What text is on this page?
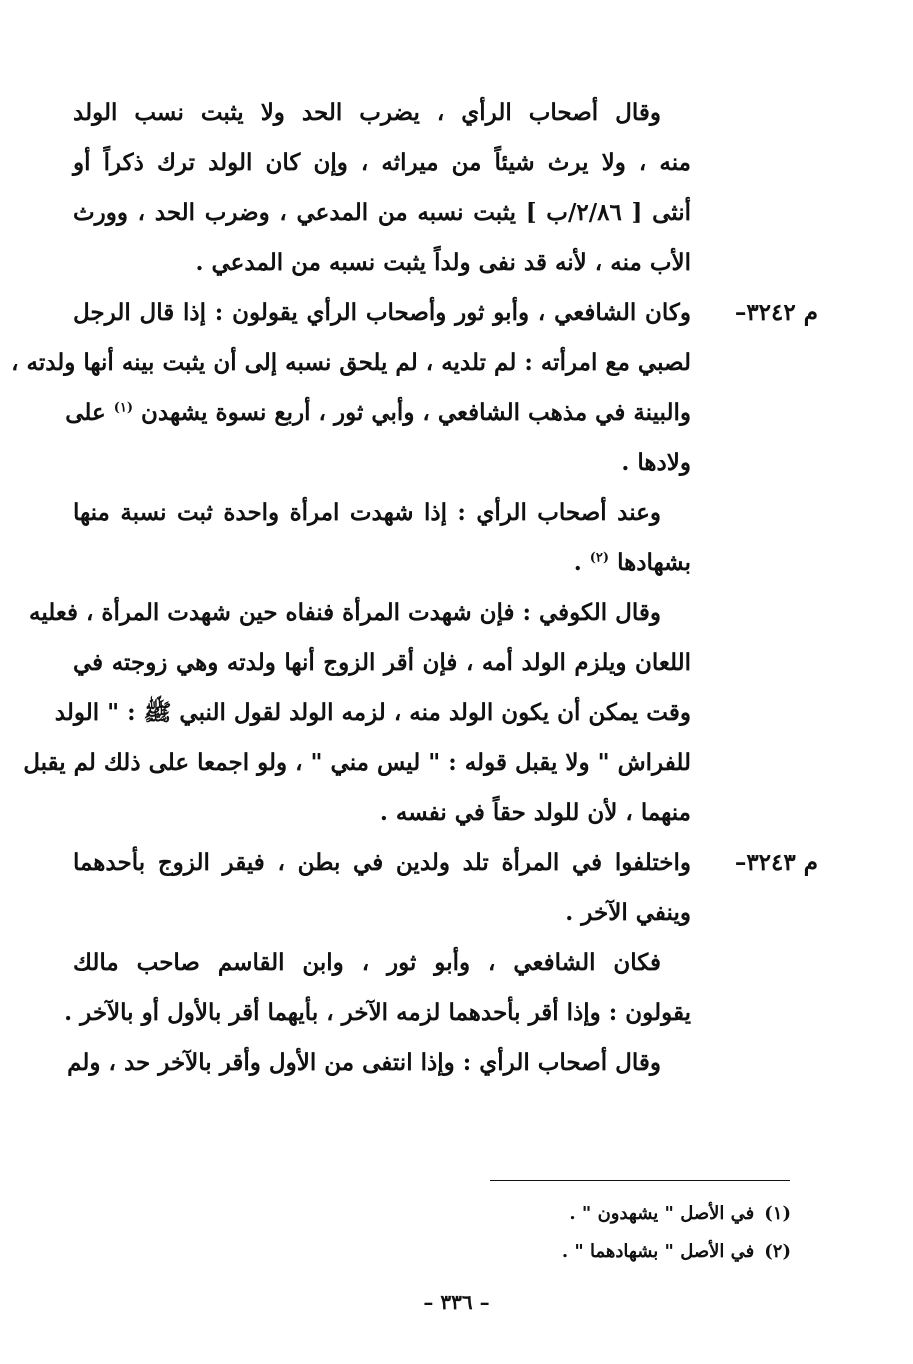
وقال أصحاب الرأي ، يضرب الحد ولا يثبت نسب الولد
منه ، ولا يرث شيئاً من ميراثه ، وإن كان الولد ترك ذكراً أو
أنثى [ ٢/٨٦/ب ] يثبت نسبه من المدعي ، وضرب الحد ، وورث
الأب منه ، لأنه قد نفى ولداً يثبت نسبه من المدعي .
م ٣٢٤٢–
وكان الشافعي ، وأبو ثور وأصحاب الرأي يقولون : إذا قال الرجل
لصبي مع امرأته : لم تلديه ، لم يلحق نسبه إلى أن يثبت بينه أنها ولدته ،
والبينة في مذهب الشافعي ، وأبي ثور ، أربع نسوة يشهدن $^{(١)}$ على
ولادها .
وعند أصحاب الرأي : إذا شهدت امرأة واحدة ثبت نسبة منها
بشهادها $^{(٢)}$ .
وقال الكوفي : فإن شهدت المرأة فنفاه حين شهدت المرأة ، فعليه
اللعان ويلزم الولد أمه ، فإن أقر الزوج أنها ولدته وهي زوجته في
وقت يمكن أن يكون الولد منه ، لزمه الولد لقول النبي ﷺ : " الولد
للفراش " ولا يقبل قوله : " ليس مني " ، ولو اجمعا على ذلك لم يقبل
منهما ، لأن للولد حقاً في نفسه .
م ٣٢٤٣–
واختلفوا في المرأة تلد ولدين في بطن ، فيقر الزوج بأحدهما
وينفي الآخر .
فكان الشافعي ، وأبو ثور ، وابن القاسم صاحب مالك
يقولون : وإذا أقر بأحدهما لزمه الآخر ، بأيهما أقر بالأول أو بالآخر .
وقال أصحاب الرأي : وإذا انتفى من الأول وأقر بالآخر حد ، ولم
(١)في الأصل " يشهدون " .
(٢)في الأصل " بشهادهما " .
– ٣٣٦ –
